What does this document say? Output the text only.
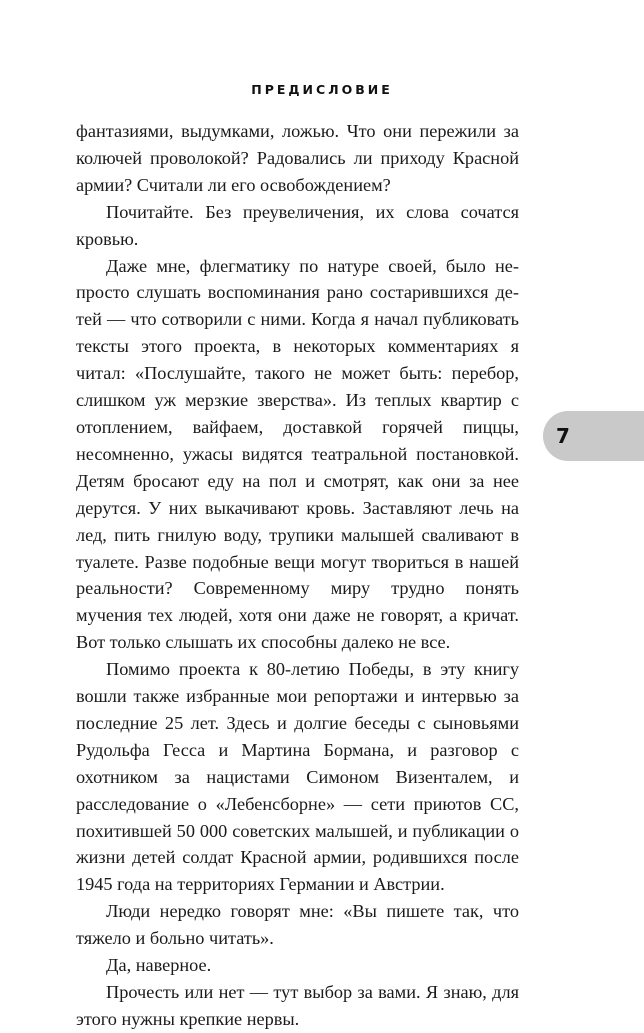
ПРЕДИСЛОВИЕ

фантазиями, выдумками, ложью. Что они пережили за колючей проволокой? Радовались ли приходу Красной армии? Считали ли его освобождением?

Почитайте. Без преувеличения, их слова сочатся кровью.

Даже мне, флегматику по натуре своей, было непросто слушать воспоминания рано состарившихся детей — что сотворили с ними. Когда я начал публиковать тексты этого проекта, в некоторых комментариях я читал: «Послушайте, такого не может быть: перебор, слишком уж мерзкие зверства». Из теплых квартир с отоплением, вайфаем, доставкой горячей пиццы, несомненно, ужасы видятся театральной постановкой. Детям бросают еду на пол и смотрят, как они за нее дерутся. У них выкачивают кровь. Заставляют лечь на лед, пить гнилую воду, трупики малышей сваливают в туалете. Разве подобные вещи могут твориться в нашей реальности? Современному миру трудно понять мучения тех людей, хотя они даже не говорят, а кричат. Вот только слышать их способны далеко не все.

Помимо проекта к 80-летию Победы, в эту книгу вошли также избранные мои репортажи и интервью за последние 25 лет. Здесь и долгие беседы с сыновьями Рудольфа Гесса и Мартина Бормана, и разговор с охотником за нацистами Симоном Визенталем, и расследование о «Лебенсборне» — сети приютов СС, похитившей 50 000 советских малышей, и публикации о жизни детей солдат Красной армии, родившихся после 1945 года на территориях Германии и Австрии.

Люди нередко говорят мне: «Вы пишете так, что тяжело и больно читать».

Да, наверное.

Прочесть или нет — тут выбор за вами. Я знаю, для этого нужны крепкие нервы.

7
